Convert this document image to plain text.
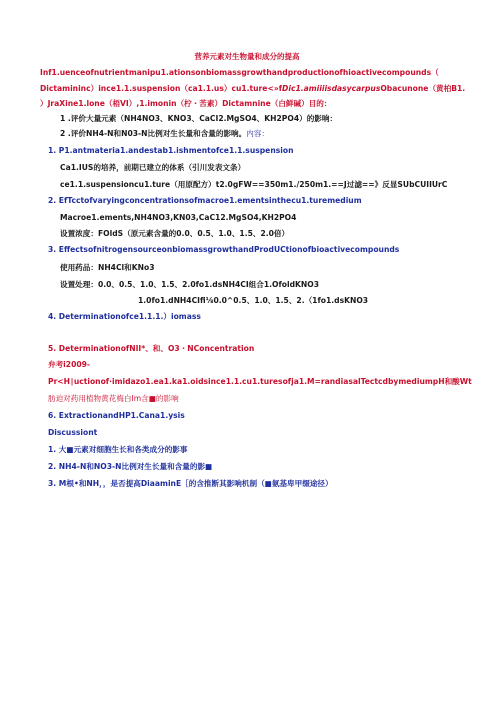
营养元素对生物量和成分的提高
Inf1.uenceofnutrientmanipu1.ationsonbiomassgrowthandproductionofhioactivecompounds（
Dictamininc）ince1.1.suspension（ca1.1.us）cu1.ture<»fDic1.amiiiisdasycarpusObacunone（黄柏B1.
）JraXine1.lone（梧VI）,1.imonin（柠・苦素）Dictamnine（白鲜碱）目的：
1 .评价大量元素（NH4NO3、KNO3、CaCI2.MgSO4、KH2PO4）的影响：
2 .评价NH4-N和N03-N比例对生长量和含量的影响。内容：
1. P1.antmateria1.andestab1.ishmentofce1.1.suspension
Ca1.IUS的培养，前期已建立的体系（引川发表文条）
ce1.1.suspensioncu1.ture（用原配方）t2.0gFW==350m1./250m1.==J过滤==》反显SUbCUIIUrC
2. EfTcctofvaryingconcentrationsofmacroe1.ementsinthecu1.turemedium
Macroe1.ements,NH4NO3,KN03,CaC12.MgSO4,KH2PO4
设置浓度：FOldS（原元素含量的0.0、0.5、1.0、1.5、2.0倍）
3. EffectsofnitrogensourceonbiomassgrowthandProdUCtionofbioactivecompounds
使用药品：NH4Cl和KNo3
设置处理：0.0、0.5、1.0、1.5、2.0fo1.dsNH4CI组合1.OfoldKNO3
1.0fo1.dNH4CIfi⅛0.0^0.5、1.0、1.5、2.（1fo1.dsKNO3
4. Determinationofce1.1.1.）iomass
5. DeterminationofNII*、和、O3・NConcentration
弁考i2009-
Pr<H∣uctionof∙imidazo1.ea1.ka1.oidsince1.1.cu1.turesofja1.M=randiasalTectcdbymediumpH和酸Wt
肪迫对药用植物黄花梅白Im含■的影响
6. ExtractionandHP1.Cana1.ysis
Discussiont
1. 大■元素对细胞生长和各类成分的影事
2. NH4-N和NO3-N比例对生长量和含量的影■
3. M根•和NH，，是否提高DiaaminE［的含推断其影响机制（■氨基卑甲缀途径）
